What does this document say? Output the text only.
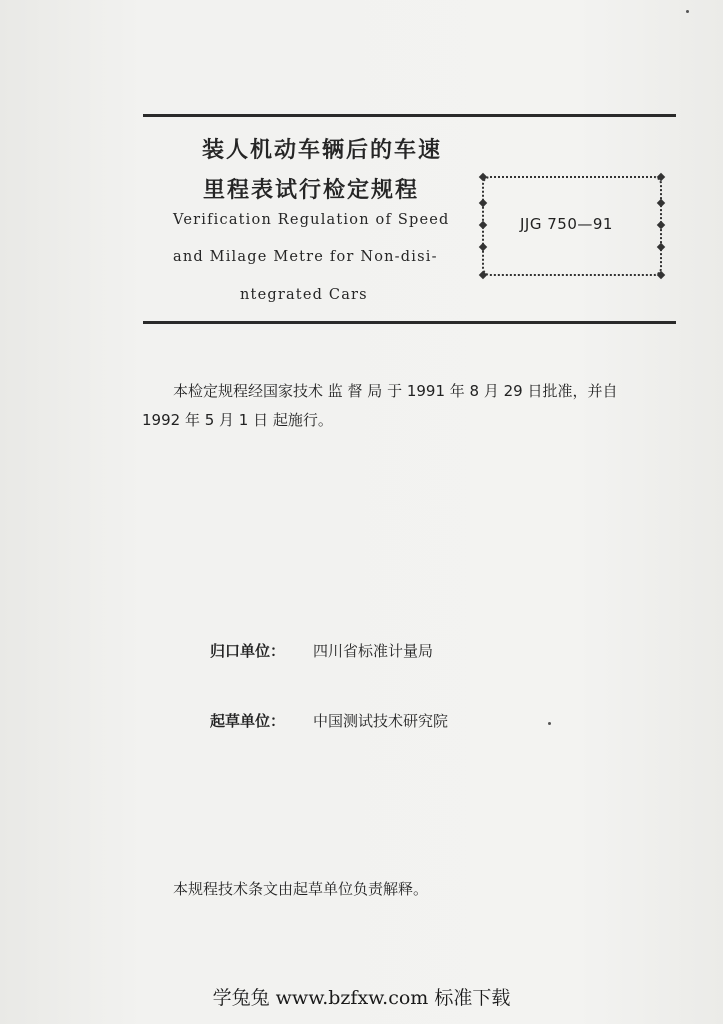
装人机动车辆后的车速
里程表试行检定规程
Verification Regulation of Speed
and Milage Metre for Non-disi-
ntegrated Cars
JJG 750—91
本检定规程经国家技术 监 督 局 于 1991 年 8 月 29 日批准，并自
1992 年 5 月 1 日 起施行。
归口单位： 四川省标准计量局
起草单位： 中国测试技术研究院
本规程技术条文由起草单位负责解释。
学兔兔 www.bzfxw.com 标准下载
